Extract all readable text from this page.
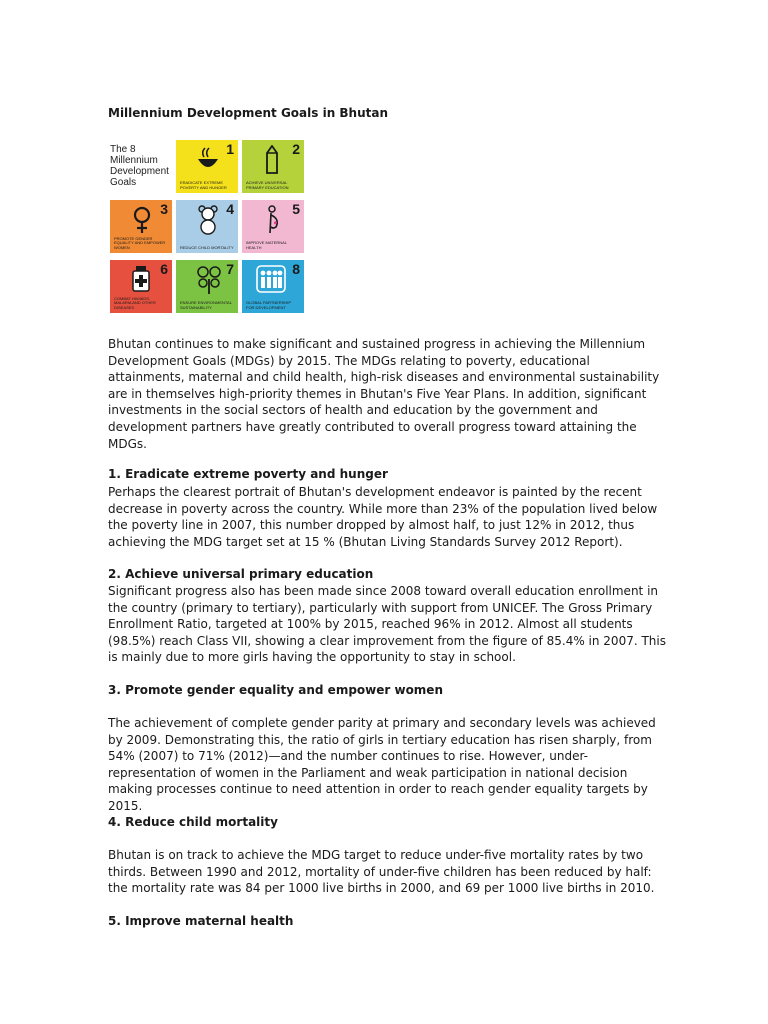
Millennium Development Goals in Bhutan
The 8 Millennium Development Goals
1
ERADICATE EXTREME POVERTY AND HUNGER
2
ACHIEVE UNIVERSAL PRIMARY EDUCATION
3
PROMOTE GENDER EQUALITY AND EMPOWER WOMEN
4
REDUCE CHILD MORTALITY
5
IMPROVE MATERNAL HEALTH
6
COMBAT HIV/AIDS, MALARIA AND OTHER DISEASES
7
ENSURE ENVIRONMENTAL SUSTAINABILITY
8
GLOBAL PARTNERSHIP FOR DEVELOPMENT

Bhutan continues to make significant and sustained progress in achieving the Millennium Development Goals (MDGs) by 2015. The MDGs relating to poverty, educational attainments, maternal and child health, high-risk diseases and environmental sustainability are in themselves high-priority themes in Bhutan's Five Year Plans. In addition, significant investments in the social sectors of health and education by the government and development partners have greatly contributed to overall progress toward attaining the MDGs.

1. Eradicate extreme poverty and hunger

Perhaps the clearest portrait of Bhutan's development endeavor is painted by the recent decrease in poverty across the country. While more than 23% of the population lived below the poverty line in 2007, this number dropped by almost half, to just 12% in 2012, thus achieving the MDG target set at 15 % (Bhutan Living Standards Survey 2012 Report).

2. Achieve universal primary education

Significant progress also has been made since 2008 toward overall education enrollment in the country (primary to tertiary), particularly with support from UNICEF. The Gross Primary Enrollment Ratio, targeted at 100% by 2015, reached 96% in 2012. Almost all students (98.5%) reach Class VII, showing a clear improvement from the figure of 85.4% in 2007. This is mainly due to more girls having the opportunity to stay in school.

3. Promote gender equality and empower women

The achievement of complete gender parity at primary and secondary levels was achieved by 2009. Demonstrating this, the ratio of girls in tertiary education has risen sharply, from 54% (2007) to 71% (2012)—and the number continues to rise. However, under-representation of women in the Parliament and weak participation in national decision making processes continue to need attention in order to reach gender equality targets by 2015.

4. Reduce child mortality

Bhutan is on track to achieve the MDG target to reduce under-five mortality rates by two thirds. Between 1990 and 2012, mortality of under-five children has been reduced by half: the mortality rate was 84 per 1000 live births in 2000, and 69 per 1000 live births in 2010.

5. Improve maternal health
